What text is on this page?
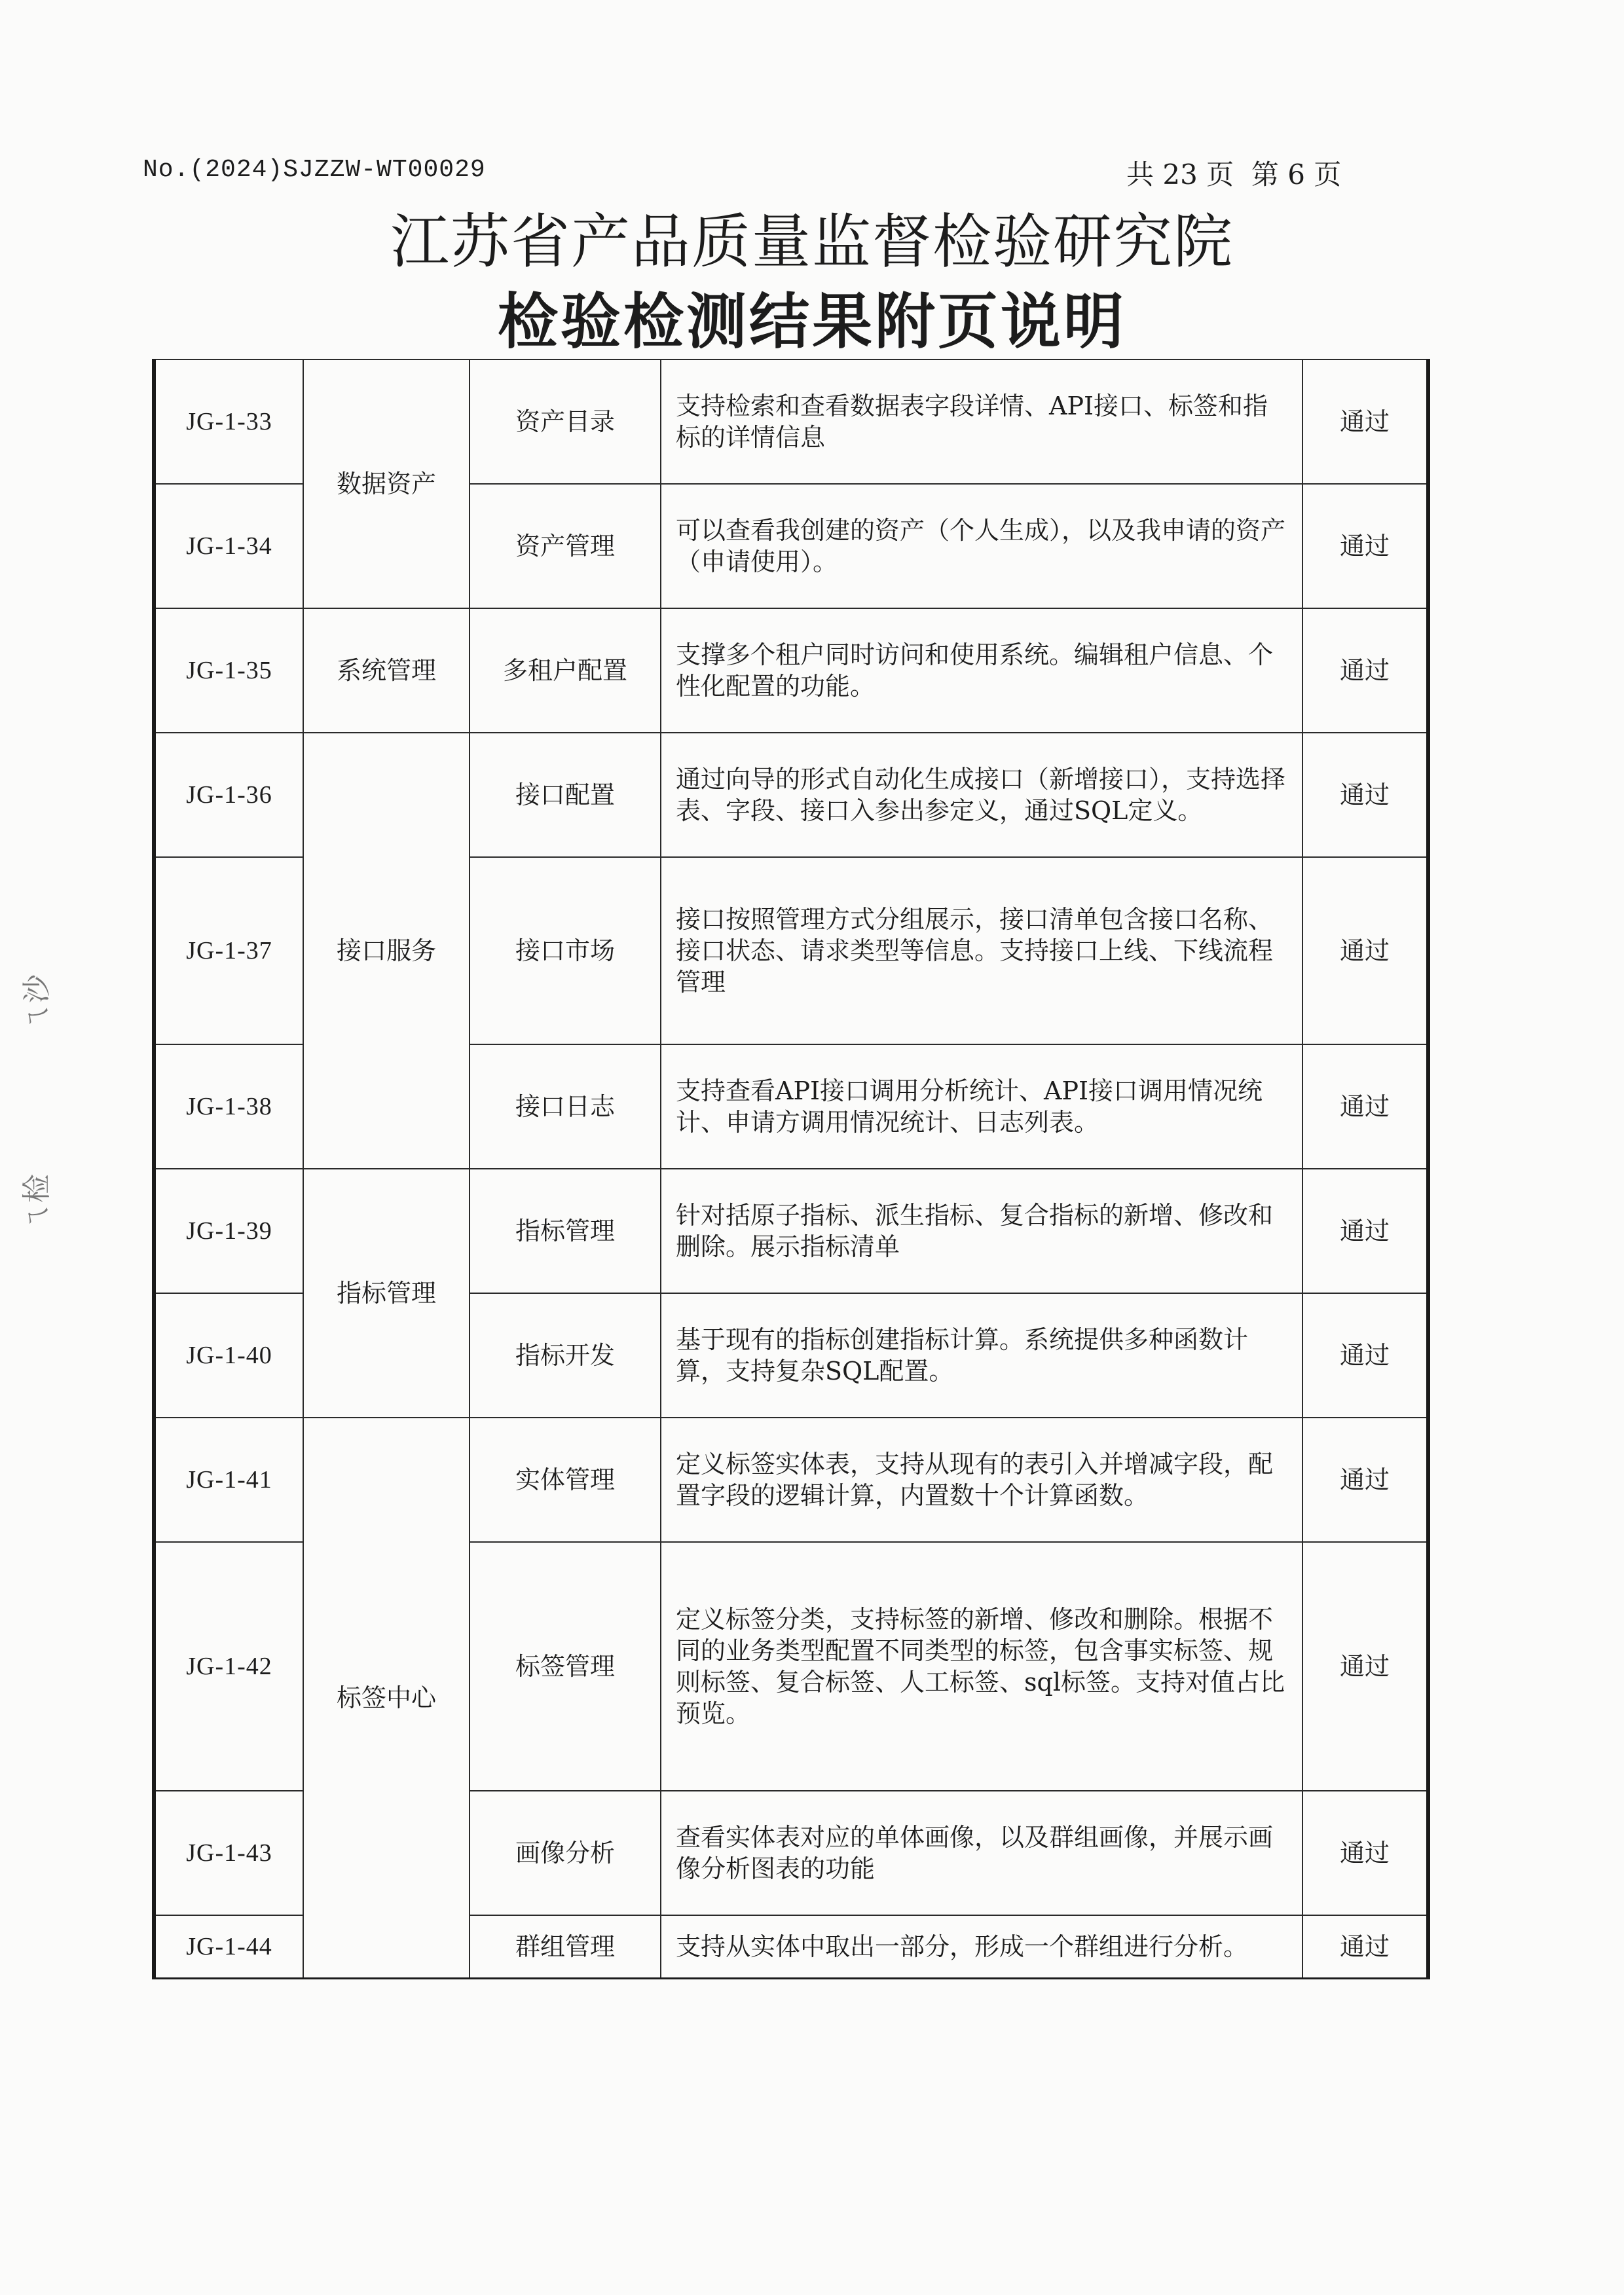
No.(2024)SJZZW-WT00029	共 23 页  第 6 页
江苏省产品质量监督检验研究院
检验检测结果附页说明
ㄟ沙
ㄟ检
JG-1-33	数据资产	资产目录	支持检索和查看数据表字段详情、API接口、标签和指标的详情信息	通过
JG-1-34		资产管理	可以查看我创建的资产（个人生成），以及我申请的资产（申请使用）。	通过
JG-1-35	系统管理	多租户配置	支撑多个租户同时访问和使用系统。编辑租户信息、个性化配置的功能。	通过
JG-1-36	接口服务	接口配置	通过向导的形式自动化生成接口（新增接口），支持选择表、字段、接口入参出参定义，通过SQL定义。	通过
JG-1-37		接口市场	接口按照管理方式分组展示，接口清单包含接口名称、接口状态、请求类型等信息。支持接口上线、下线流程管理	通过
JG-1-38		接口日志	支持查看API接口调用分析统计、API接口调用情况统计、申请方调用情况统计、日志列表。	通过
JG-1-39	指标管理	指标管理	针对括原子指标、派生指标、复合指标的新增、修改和删除。展示指标清单	通过
JG-1-40		指标开发	基于现有的指标创建指标计算。系统提供多种函数计算，支持复杂SQL配置。	通过
JG-1-41	标签中心	实体管理	定义标签实体表，支持从现有的表引入并增减字段，配置字段的逻辑计算，内置数十个计算函数。	通过
JG-1-42		标签管理	定义标签分类，支持标签的新增、修改和删除。根据不同的业务类型配置不同类型的标签，包含事实标签、规则标签、复合标签、人工标签、sql标签。支持对值占比预览。	通过
JG-1-43		画像分析	查看实体表对应的单体画像，以及群组画像，并展示画像分析图表的功能	通过
JG-1-44		群组管理	支持从实体中取出一部分，形成一个群组进行分析。	通过
